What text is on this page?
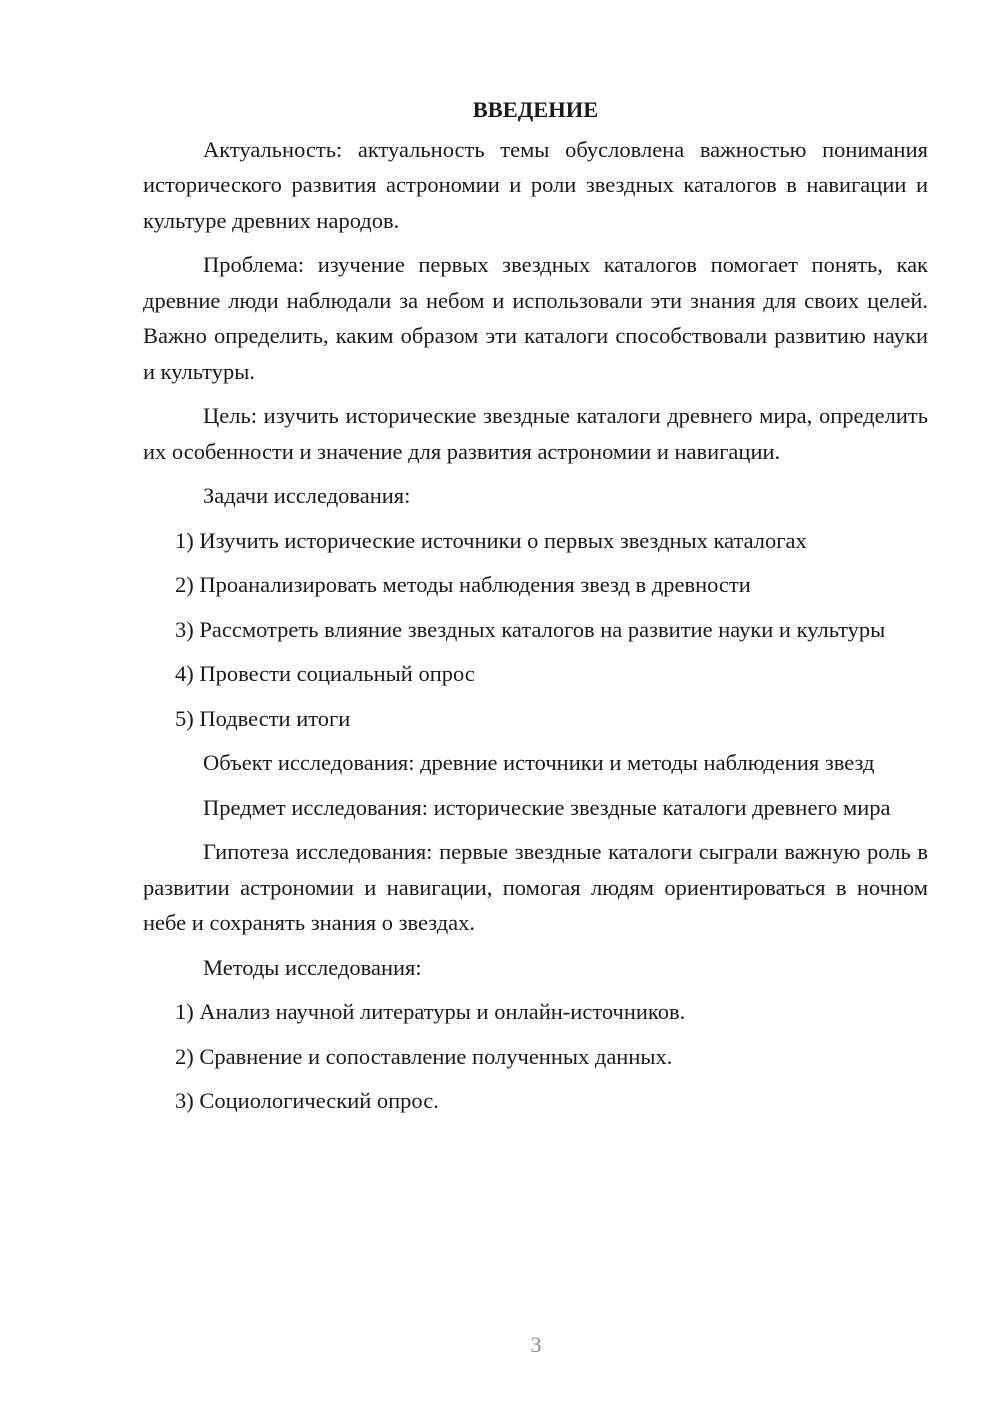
ВВЕДЕНИЕ

Актуальность: актуальность темы обусловлена важностью понимания исторического развития астрономии и роли звездных каталогов в навигации и культуре древних народов.

Проблема: изучение первых звездных каталогов помогает понять, как древние люди наблюдали за небом и использовали эти знания для своих целей. Важно определить, каким образом эти каталоги способствовали развитию науки и культуры.

Цель: изучить исторические звездные каталоги древнего мира, определить их особенности и значение для развития астрономии и навигации.

Задачи исследования:

1) Изучить исторические источники о первых звездных каталогах

2) Проанализировать методы наблюдения звезд в древности

3) Рассмотреть влияние звездных каталогов на развитие науки и культуры

4) Провести социальный опрос

5) Подвести итоги

Объект исследования: древние источники и методы наблюдения звезд

Предмет исследования: исторические звездные каталоги древнего мира

Гипотеза исследования: первые звездные каталоги сыграли важную роль в развитии астрономии и навигации, помогая людям ориентироваться в ночном небе и сохранять знания о звездах.

Методы исследования:

1) Анализ научной литературы и онлайн-источников.

2) Сравнение и сопоставление полученных данных.

3) Социологический опрос.

3
